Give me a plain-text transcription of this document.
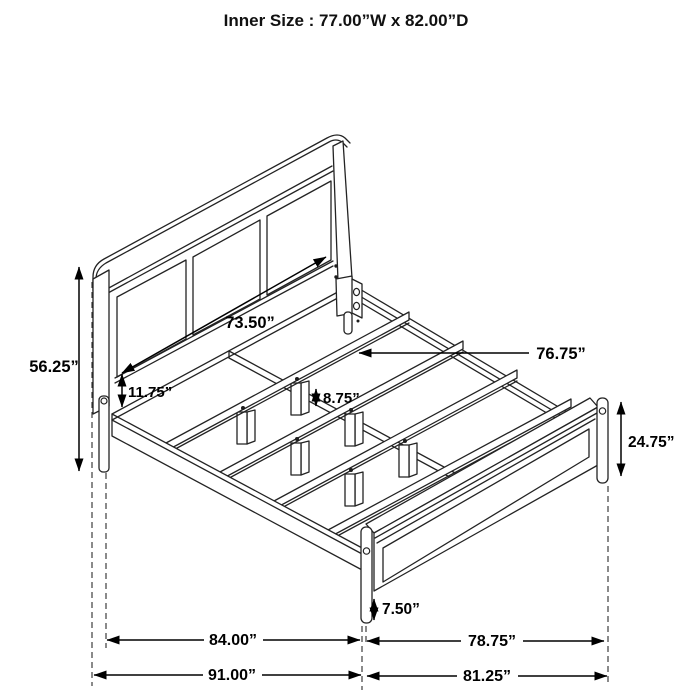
Inner Size : 77.00”W x 82.00”D
56.25”
73.50”
76.75”
11.75”	8.75”
24.75”
7.50”
84.00”	78.75”
91.00”	81.25”
